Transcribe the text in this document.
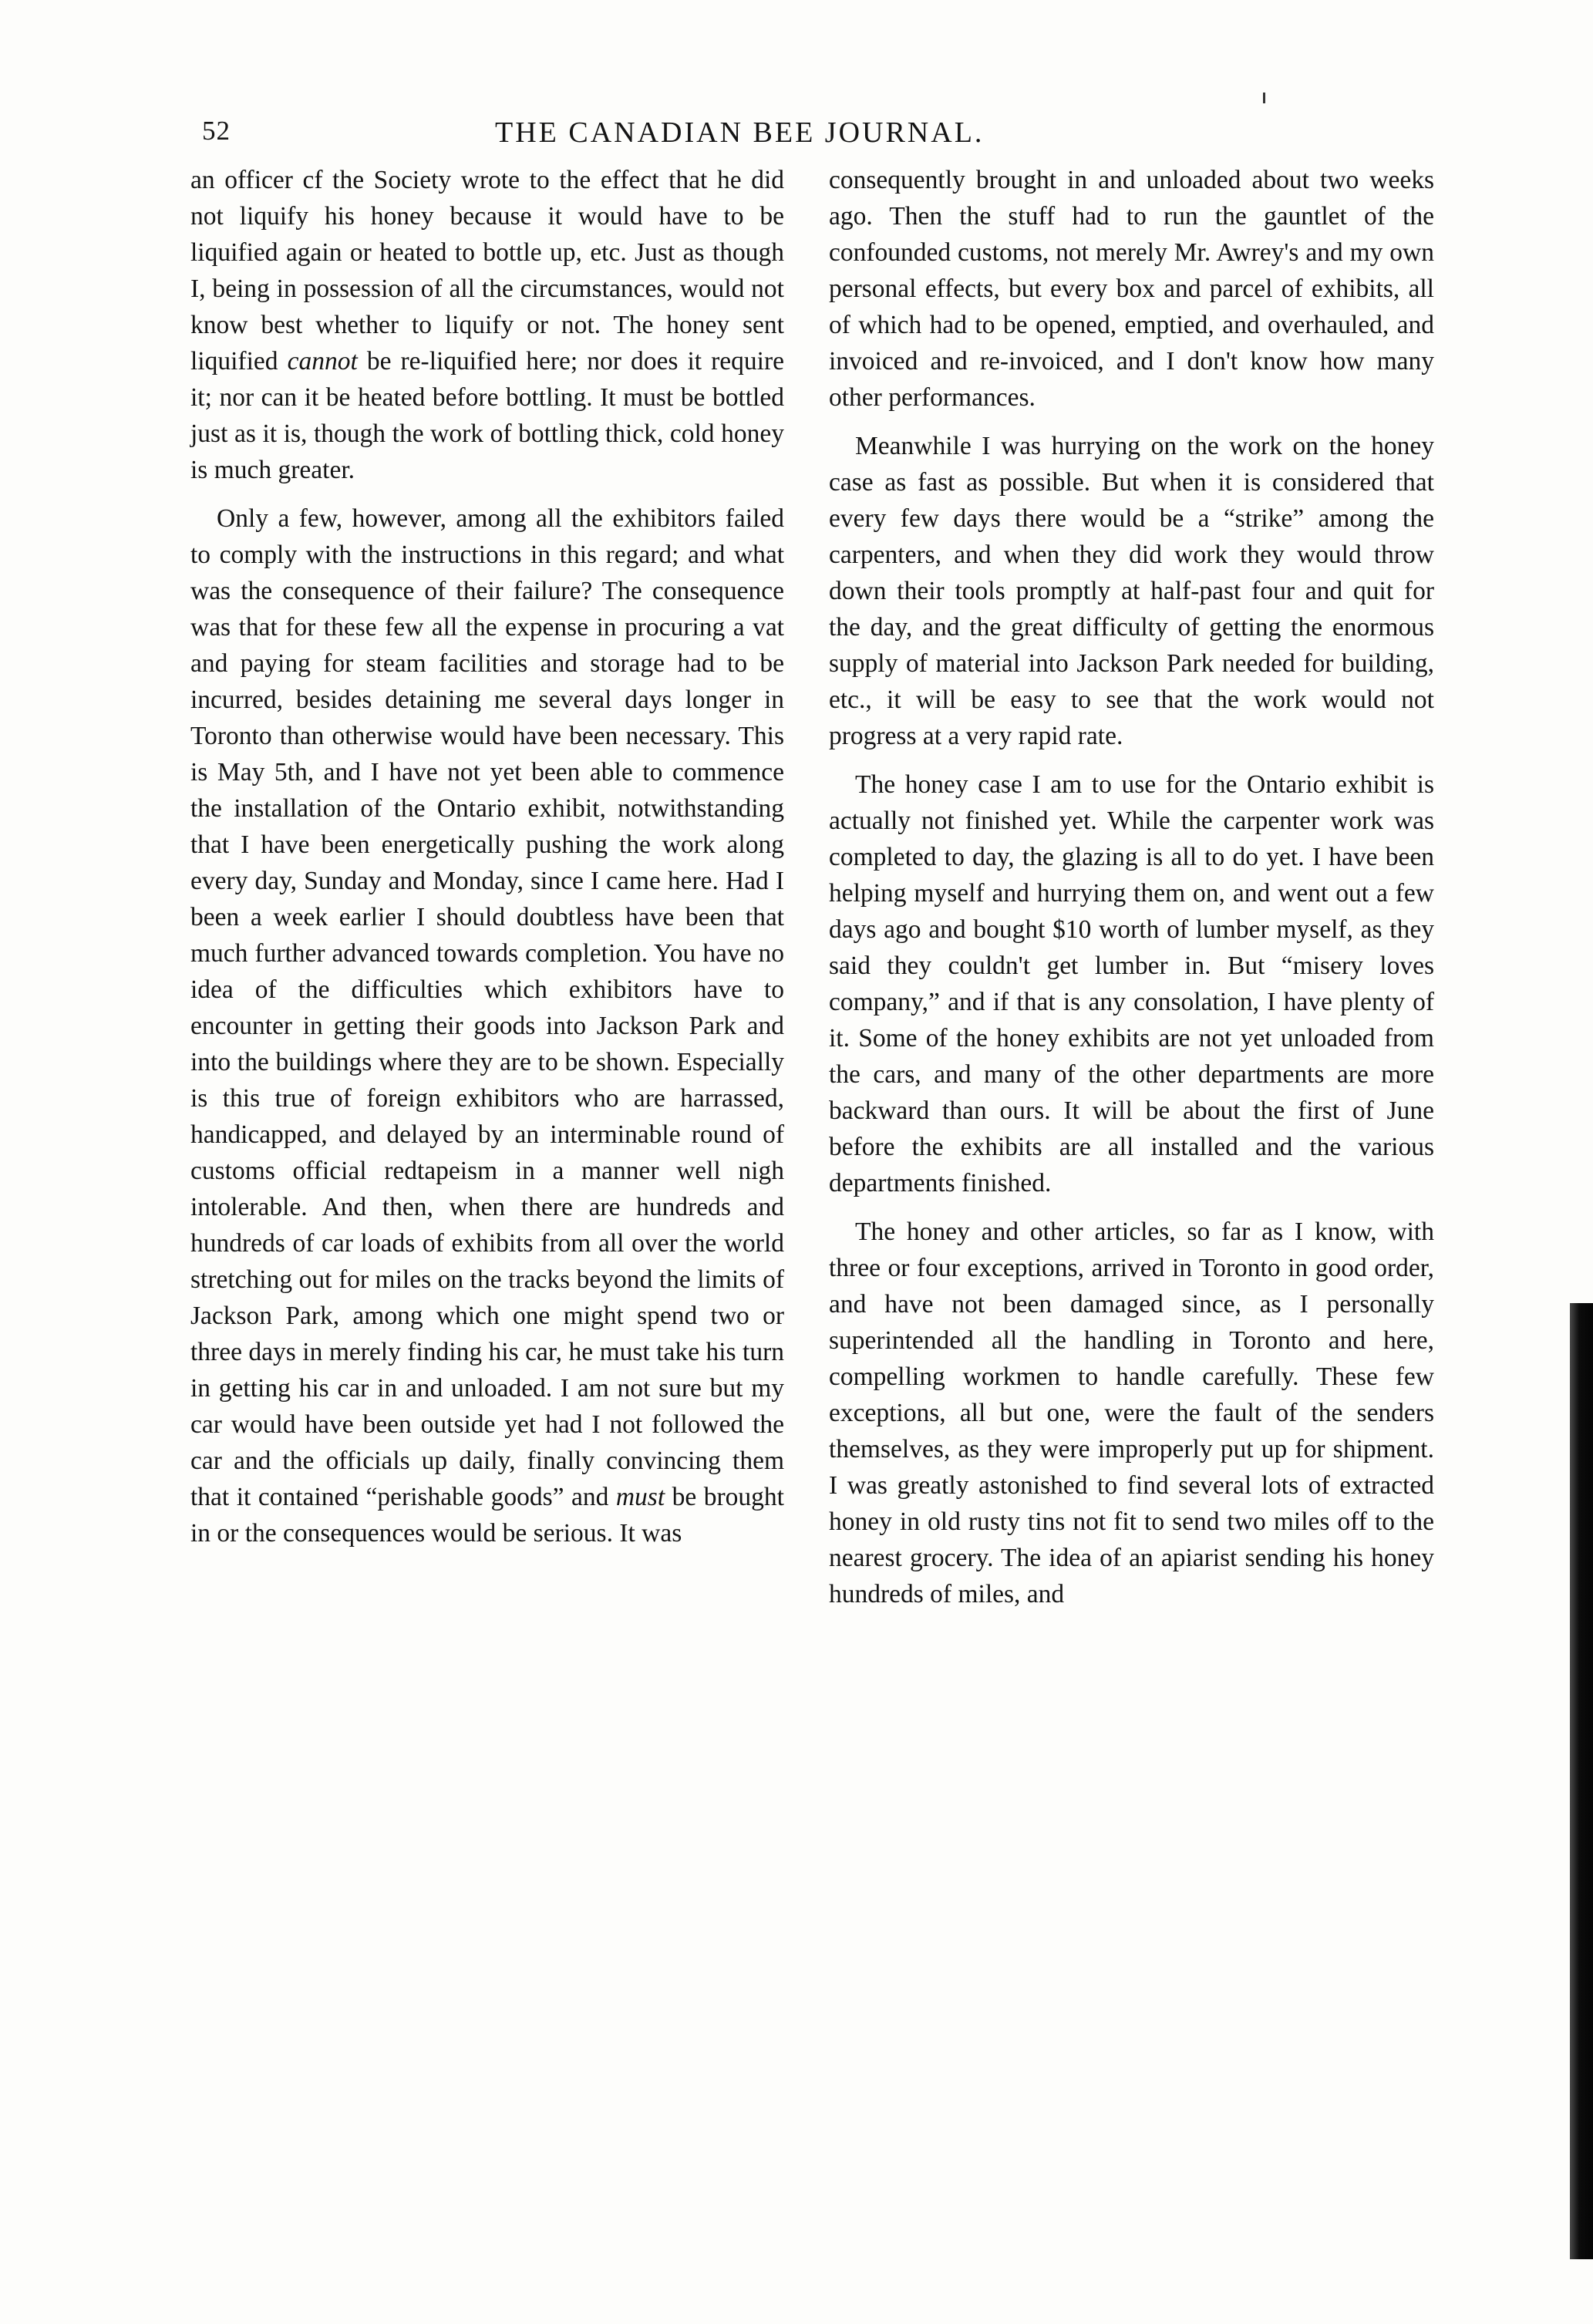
52	THE CANADIAN BEE JOURNAL.

an officer cf the Society wrote to the effect that he did not liquify his honey because it would have to be liquified again or heated to bottle up, etc. Just as though I, being in possession of all the circumstances, would not know best whether to liquify or not. The honey sent liquified cannot be re-liquified here; nor does it require it; nor can it be heated before bottling. It must be bottled just as it is, though the work of bottling thick, cold honey is much greater.

Only a few, however, among all the exhibitors failed to comply with the instructions in this regard; and what was the consequence of their failure? The consequence was that for these few all the expense in procuring a vat and paying for steam facilities and storage had to be incurred, besides detaining me several days longer in Toronto than otherwise would have been necessary. This is May 5th, and I have not yet been able to commence the installation of the Ontario exhibit, notwithstanding that I have been energetically pushing the work along every day, Sunday and Monday, since I came here. Had I been a week earlier I should doubtless have been that much further advanced towards completion. You have no idea of the difficulties which exhibitors have to encounter in getting their goods into Jackson Park and into the buildings where they are to be shown. Especially is this true of foreign exhibitors who are harrassed, handicapped, and delayed by an interminable round of customs official redtapeism in a manner well nigh intolerable. And then, when there are hundreds and hundreds of car loads of exhibits from all over the world stretching out for miles on the tracks beyond the limits of Jackson Park, among which one might spend two or three days in merely finding his car, he must take his turn in getting his car in and unloaded. I am not sure but my car would have been outside yet had I not followed the car and the officials up daily, finally convincing them that it contained “perishable goods” and must be brought in or the consequences would be serious. It was

consequently brought in and unloaded about two weeks ago. Then the stuff had to run the gauntlet of the confounded customs, not merely Mr. Awrey's and my own personal effects, but every box and parcel of exhibits, all of which had to be opened, emptied, and overhauled, and invoiced and re-invoiced, and I don't know how many other performances.

Meanwhile I was hurrying on the work on the honey case as fast as possible. But when it is considered that every few days there would be a “strike” among the carpenters, and when they did work they would throw down their tools promptly at half-past four and quit for the day, and the great difficulty of getting the enormous supply of material into Jackson Park needed for building, etc., it will be easy to see that the work would not progress at a very rapid rate.

The honey case I am to use for the Ontario exhibit is actually not finished yet. While the carpenter work was completed to day, the glazing is all to do yet. I have been helping myself and hurrying them on, and went out a few days ago and bought $10 worth of lumber myself, as they said they couldn't get lumber in. But “misery loves company,” and if that is any consolation, I have plenty of it. Some of the honey exhibits are not yet unloaded from the cars, and many of the other departments are more backward than ours. It will be about the first of June before the exhibits are all installed and the various departments finished.

The honey and other articles, so far as I know, with three or four exceptions, arrived in Toronto in good order, and have not been damaged since, as I personally superintended all the handling in Toronto and here, compelling workmen to handle carefully. These few exceptions, all but one, were the fault of the senders themselves, as they were improperly put up for shipment. I was greatly astonished to find several lots of extracted honey in old rusty tins not fit to send two miles off to the nearest grocery. The idea of an apiarist sending his honey hundreds of miles, and
